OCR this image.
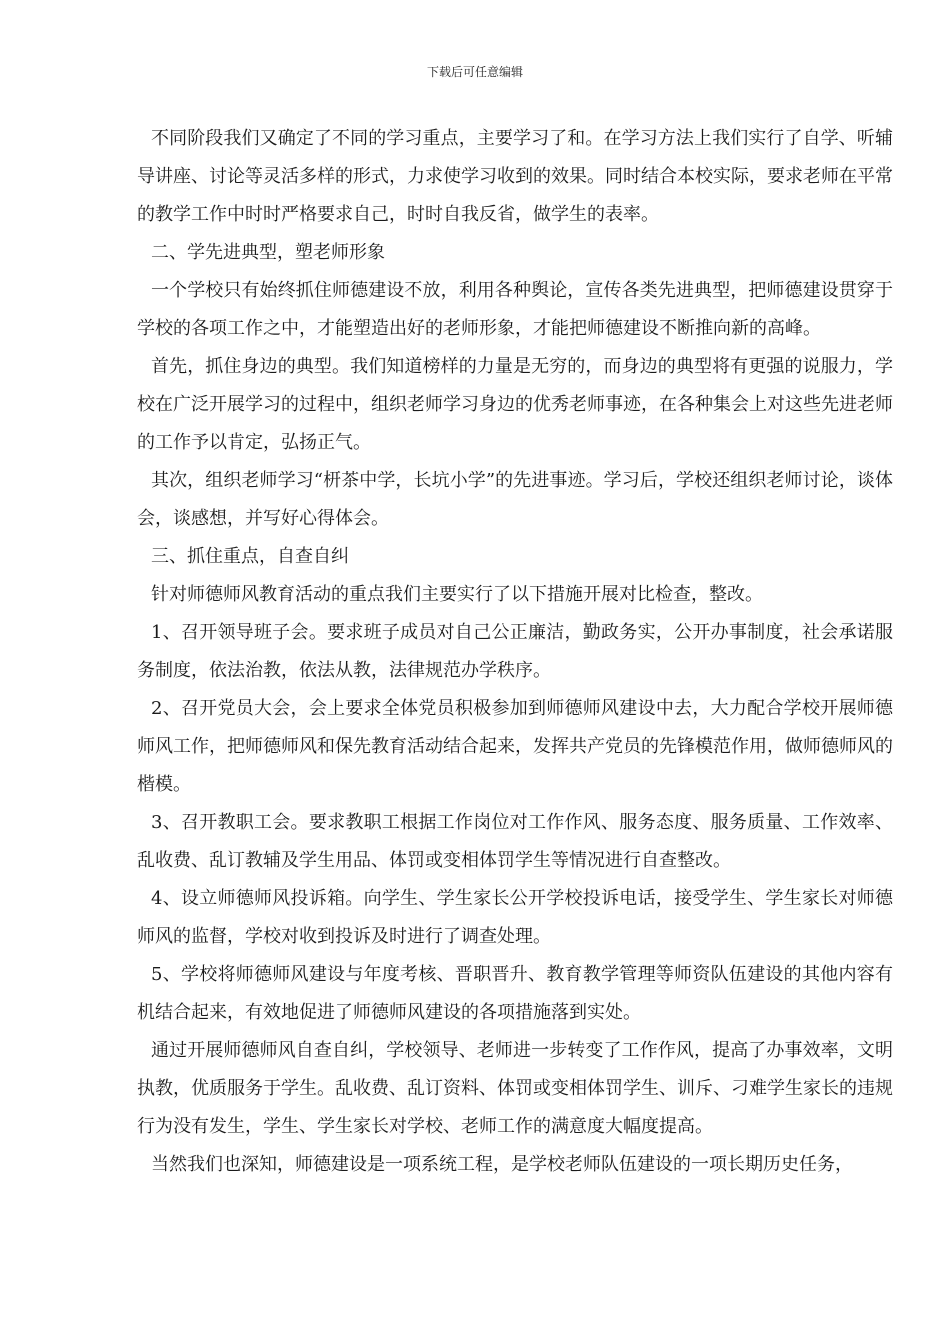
下载后可任意编辑

不同阶段我们又确定了不同的学习重点，主要学习了和。在学习方法上我们实行了自学、听辅导讲座、讨论等灵活多样的形式，力求使学习收到的效果。同时结合本校实际，要求老师在平常的教学工作中时时严格要求自己，时时自我反省，做学生的表率。

二、学先进典型，塑老师形象

一个学校只有始终抓住师德建设不放，利用各种舆论，宣传各类先进典型，把师德建设贯穿于学校的各项工作之中，才能塑造出好的老师形象，才能把师德建设不断推向新的高峰。

首先，抓住身边的典型。我们知道榜样的力量是无穷的，而身边的典型将有更强的说服力，学校在广泛开展学习的过程中，组织老师学习身边的优秀老师事迹，在各种集会上对这些先进老师的工作予以肯定，弘扬正气。

其次，组织老师学习“枅茶中学，长坑小学”的先进事迹。学习后，学校还组织老师讨论，谈体会，谈感想，并写好心得体会。

三、抓住重点，自查自纠

针对师德师风教育活动的重点我们主要实行了以下措施开展对比检查，整改。

1、召开领导班子会。要求班子成员对自己公正廉洁，勤政务实，公开办事制度，社会承诺服务制度，依法治教，依法从教，法律规范办学秩序。

2、召开党员大会，会上要求全体党员积极参加到师德师风建设中去，大力配合学校开展师德师风工作，把师德师风和保先教育活动结合起来，发挥共产党员的先锋模范作用，做师德师风的楷模。

3、召开教职工会。要求教职工根据工作岗位对工作作风、服务态度、服务质量、工作效率、乱收费、乱订教辅及学生用品、体罚或变相体罚学生等情况进行自查整改。

4、设立师德师风投诉箱。向学生、学生家长公开学校投诉电话，接受学生、学生家长对师德师风的监督，学校对收到投诉及时进行了调查处理。

5、学校将师德师风建设与年度考核、晋职晋升、教育教学管理等师资队伍建设的其他内容有机结合起来，有效地促进了师德师风建设的各项措施落到实处。

通过开展师德师风自查自纠，学校领导、老师进一步转变了工作作风，提高了办事效率，文明执教，优质服务于学生。乱收费、乱订资料、体罚或变相体罚学生、训斥、刁难学生家长的违规行为没有发生，学生、学生家长对学校、老师工作的满意度大幅度提高。

当然我们也深知，师德建设是一项系统工程，是学校老师队伍建设的一项长期历史任务，
